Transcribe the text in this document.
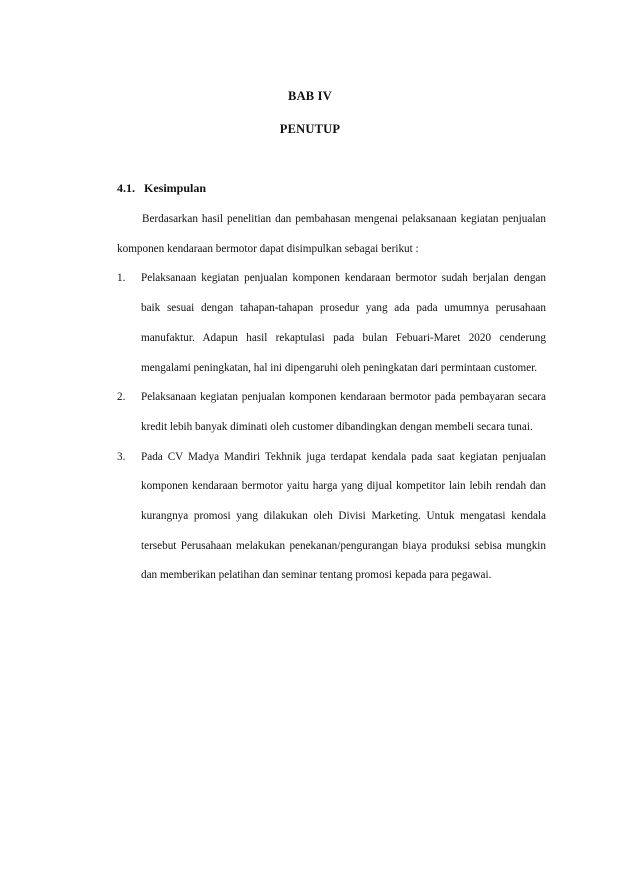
BAB IV
PENUTUP
4.1. Kesimpulan

Berdasarkan hasil penelitian dan pembahasan mengenai pelaksanaan kegiatan penjualan komponen kendaraan bermotor dapat disimpulkan sebagai berikut :

1. Pelaksanaan kegiatan penjualan komponen kendaraan bermotor sudah berjalan dengan baik sesuai dengan tahapan-tahapan prosedur yang ada pada umumnya perusahaan manufaktur. Adapun hasil rekaptulasi pada bulan Febuari-Maret 2020 cenderung mengalami peningkatan, hal ini dipengaruhi oleh peningkatan dari permintaan customer.
2. Pelaksanaan kegiatan penjualan komponen kendaraan bermotor pada pembayaran secara kredit lebih banyak diminati oleh customer dibandingkan dengan membeli secara tunai.
3. Pada CV Madya Mandiri Tekhnik juga terdapat kendala pada saat kegiatan penjualan komponen kendaraan bermotor yaitu harga yang dijual kompetitor lain lebih rendah dan kurangnya promosi yang dilakukan oleh Divisi Marketing. Untuk mengatasi kendala tersebut Perusahaan melakukan penekanan/pengurangan biaya produksi sebisa mungkin dan memberikan pelatihan dan seminar tentang promosi kepada para pegawai.
